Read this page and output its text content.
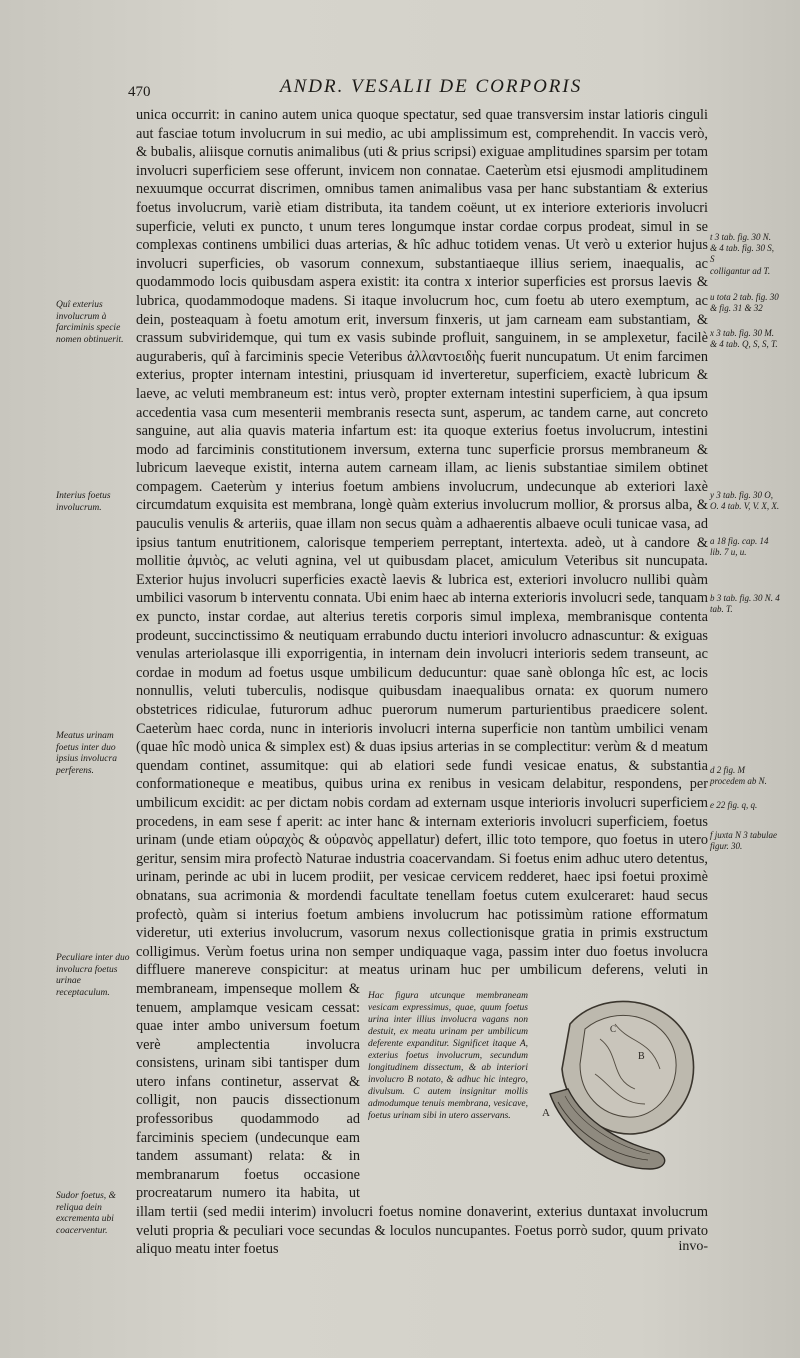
470	ANDR. VESALII DE CORPORIS

unica occurrit: in canino autem unica quoque spectatur, sed quae transversim instar latioris cinguli aut fasciae totum involucrum in sui medio, ac ubi amplissimum est, comprehendit. In vaccis verò, & bubalis, aliisque cornutis animalibus (uti & prius scripsi) exiguae amplitudines sparsim per totam involucri superficiem sese offerunt, invicem non connatae. Caeterùm etsi ejusmodi amplitudinem nexuumque occurrat discrimen, omnibus tamen animalibus vasa per hanc substantiam & exterius foetus involucrum, variè etiam distributa, ita tandem coëunt, ut ex interiore exterioris involucri superficie, veluti ex puncto, t unum teres longumque instar cordae corpus prodeat, simul in se complexas continens umbilici duas arterias, & hîc adhuc totidem venas. Ut verò u exterior hujus involucri superficies, ob vasorum connexum, substantiaeque illius seriem, inaequalis, ac quodammodo locis quibusdam aspera existit: ita contra x interior superficies est prorsus laevis & lubrica, quodammodoque madens. Si itaque involucrum hoc, cum foetu ab utero exemptum, ac dein, posteaquam à foetu amotum erit, inversum finxeris, ut jam carneam eam substantiam, & crassum subviridemque, qui tum ex vasis subinde profluit, sanguinem, in se amplexetur, facilè auguraberis, quî à farciminis specie Veteribus ἀλλαντοειδὴς fuerit nuncupatum. Ut enim farcimen exterius, propter internam intestini, priusquam id inverteretur, superficiem, exactè lubricum & laeve, ac veluti membraneum est: intus verò, propter externam intestini superficiem, à qua ipsum accedentia vasa cum mesenterii membranis resecta sunt, asperum, ac tandem carne, aut concreto sanguine, aut alia quavis materia infartum est: ita quoque exterius foetus involucrum, intestini modo ad farciminis constitutionem inversum, externa tunc superficie prorsus membraneum & lubricum laeveque existit, interna autem carneam illam, ac lienis substantiae similem obtinet compagem. Caeterùm y interius foetum ambiens involucrum, undecunque ab exteriori laxè circumdatum exquisita est membrana, longè quàm exterius involucrum mollior, & prorsus alba, & pauculis venulis & arteriis, quae illam non secus quàm a adhaerentis albaeve oculi tunicae vasa, ad ipsius tantum enutritionem, calorisque temperiem perreptant, intertexta. adeò, ut à candore & mollitie ἀμνιὸς, ac veluti agnina, vel ut quibusdam placet, amiculum Veteribus sit nuncupata. Exterior hujus involucri superficies exactè laevis & lubrica est, exteriori involucro nullibi quàm umbilici vasorum b interventu connata. Ubi enim haec ab interna exterioris involucri sede, tanquam ex puncto, instar cordae, aut alterius teretis corporis simul implexa, membranisque contenta prodeunt, succinctissimo & neutiquam errabundo ductu interiori involucro adnascuntur: & exiguas venulas arteriolasque illi exporrigentia, in internam dein involucri interioris sedem transeunt, ac cordae in modum ad foetus usque umbilicum deducuntur: quae sanè oblonga hîc est, ac locis nonnullis, veluti tuberculis, nodisque quibusdam inaequalibus ornata: ex quorum numero obstetrices ridiculae, futurorum adhuc puerorum numerum parturientibus praedicere solent. Caeterùm haec corda, nunc in interioris involucri interna superficie non tantùm umbilici venam (quae hîc modò unica & simplex est) & duas ipsius arterias in se complectitur: verùm & d meatum quendam continet, assumitque: qui ab elatiori sede fundi vesicae enatus, & substantia conformationeque e meatibus, quibus urina ex renibus in vesicam delabitur, respondens, per umbilicum excidit: ac per dictam nobis cordam ad externam usque interioris involucri superficiem procedens, in eam sese f aperit: ac inter hanc & internam exterioris involucri superficiem, foetus urinam (unde etiam οὐραχὸς & οὐρανὸς appellatur) defert, illic toto tempore, quo foetus in utero geritur, sensim mira profectò Naturae industria coacervandam. Si foetus enim adhuc utero detentus, urinam, perinde ac ubi in lucem prodiit, per vesicae cervicem redderet, haec ipsi foetui proximè obnatans, sua acrimonia & mordendi facultate tenellam foetus cutem exulceraret: haud secus profectò, quàm si interius foetum ambiens involucrum hac potissimùm ratione efformatum videretur, uti exterius involucrum, vasorum nexus collectionisque gratia in primis exstructum colligimus. Verùm foetus urina non semper undiquaque vaga, passim inter duo foetus involucra diffluere manereve conspicitur: at meatus urinam huc per umbilicum deferens, veluti in membraneam, impenseque	Hac figura utcunque membraneam vesicam expressimus, quae, quum foetus urina inter illius involucra vagans non destuit, ex meatu urinam per umbilicum deferente expanditur. Significet itaque A, exterius foetus involucrum, secundum longitudinem dissectum, & ab interiori involucro B notato, & adhuc hic integro, divulsum. C autem insignitur mollis admodumque tenuis membrana, vesicave, foetus urinam sibi in utero asservans.	A
B
C
mollem & tenuem, amplamque vesicam cessat: quae inter ambo universum foetum verè amplectentia involucra consistens, urinam sibi tantisper dum utero infans continetur, asservat & colligit, non paucis dissectionum professoribus quodammodo ad farciminis speciem (undecunque eam tandem assumant) relata: & in membranarum foetus occasione procreatarum numero ita habita, ut illam tertii (sed medii interim) involucri foetus nomine donaverint, exterius duntaxat involucrum veluti propria & peculiari voce secundas & loculos nuncupantes. Foetus porrò sudor, quum privato aliquo meatu inter foetus

Quî exterius involucrum à farciminis specie nomen obtinuerit.
Interius foetus involucrum.
Meatus urinam foetus inter duo ipsius involucra perferens.
Peculiare inter duo involucra foetus urinae receptaculum.
Sudor foetus, & reliqua dein excrementa ubi coacerventur.
t 3 tab. fig. 30 N. & 4 tab. fig. 30 S, S
colligantur ad T.
u tota 2 tab. fig. 30 & fig. 31 & 32
x 3 tab. fig. 30 M. & 4 tab. Q, S, S, T.
y 3 tab. fig. 30 O, O. 4 tab. V, V. X, X.
a 18 fig. cap. 14 lib. 7 u, u.
b 3 tab. fig. 30 N. 4 tab. T.
d 2 fig. M procedem ab N.
e 22 fig. q, q.
f juxta N 3 tabulae figur. 30.
invo-
